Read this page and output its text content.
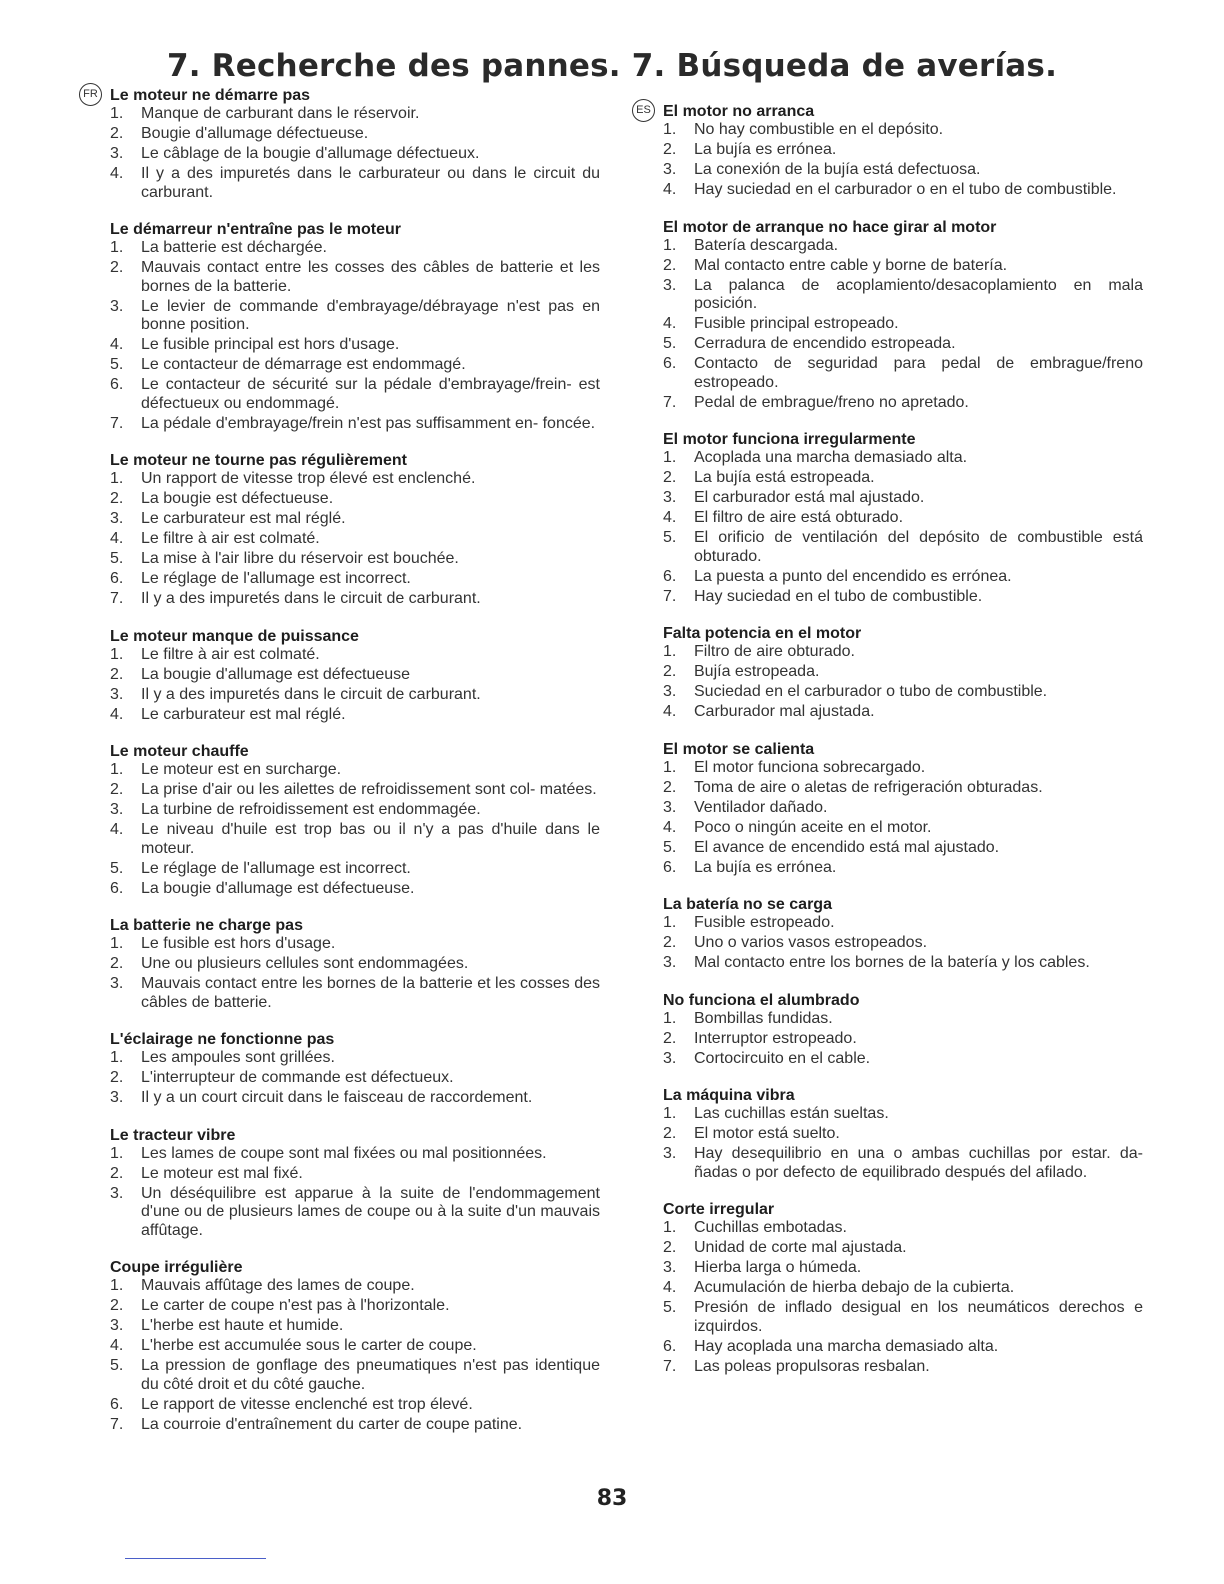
7. Recherche des pannes. 7. Búsqueda de averías.
FR Le moteur ne démarre pas
1. Manque de carburant dans le réservoir.
2. Bougie d'allumage défectueuse.
3. Le câblage de la bougie d'allumage défectueux.
4. Il y a des impuretés dans le carburateur ou dans le circuit du carburant.
Le démarreur n'entraîne pas le moteur
1. La batterie est déchargée.
2. Mauvais contact entre les cosses des câbles de batterie et les bornes de la batterie.
3. Le levier de commande d'embrayage/débrayage n'est pas en bonne position.
4. Le fusible principal est hors d'usage.
5. Le contacteur de démarrage est endommagé.
6. Le contacteur de sécurité sur la pédale d'embrayage/frein- est défectueux ou endommagé.
7. La pédale d'embrayage/frein n'est pas suffisamment en- foncée.
Le moteur ne tourne pas régulièrement
1. Un rapport de vitesse trop élevé est enclenché.
2. La bougie est défectueuse.
3. Le carburateur est mal réglé.
4. Le filtre à air est colmaté.
5. La mise à l'air libre du réservoir est bouchée.
6. Le réglage de l'allumage est incorrect.
7. Il y a des impuretés dans le circuit de carburant.
Le moteur manque de puissance
1. Le filtre à air est colmaté.
2. La bougie d'allumage est défectueuse
3. Il y a des impuretés dans le circuit de carburant.
4. Le carburateur est mal réglé.
Le moteur chauffe
1. Le moteur est en surcharge.
2. La prise d'air ou les ailettes de refroidissement sont col- matées.
3. La turbine de refroidissement est endommagée.
4. Le niveau d'huile est trop bas ou il n'y a pas d'huile dans le moteur.
5. Le réglage de l'allumage est incorrect.
6. La bougie d'allumage est défectueuse.
La batterie ne charge pas
1. Le fusible est hors d'usage.
2. Une ou plusieurs cellules sont endommagées.
3. Mauvais contact entre les bornes de la batterie et les cosses des câbles de batterie.
L'éclairage ne fonctionne pas
1. Les ampoules sont grillées.
2. L'interrupteur de commande est défectueux.
3. Il y a un court circuit dans le faisceau de raccordement.
Le tracteur vibre
1. Les lames de coupe sont mal fixées ou mal positionnées.
2. Le moteur est mal fixé.
3. Un déséquilibre est apparue à la suite de l'endommagement d'une ou de plusieurs lames de coupe ou à la suite d'un mauvais affûtage.
Coupe irrégulière
1. Mauvais affûtage des lames de coupe.
2. Le carter de coupe n'est pas à l'horizontale.
3. L'herbe est haute et humide.
4. L'herbe est accumulée sous le carter de coupe.
5. La pression de gonflage des pneumatiques n'est pas identique du côté droit et du côté gauche.
6. Le rapport de vitesse enclenché est trop élevé.
7. La courroie d'entraînement du carter de coupe patine.
ES El motor no arranca
1. No hay combustible en el depósito.
2. La bujía es errónea.
3. La conexión de la bujía está defectuosa.
4. Hay suciedad en el carburador o en el tubo de combustible.
El motor de arranque no hace girar al motor
1. Batería descargada.
2. Mal contacto entre cable y borne de batería.
3. La palanca de acoplamiento/desacoplamiento en mala posición.
4. Fusible principal estropeado.
5. Cerradura de encendido estropeada.
6. Contacto de seguridad para pedal de embrague/freno estropeado.
7. Pedal de embrague/freno no apretado.
El motor funciona irregularmente
1. Acoplada una marcha demasiado alta.
2. La bujía está estropeada.
3. El carburador está mal ajustado.
4. El filtro de aire está obturado.
5. El orificio de ventilación del depósito de combustible está obturado.
6. La puesta a punto del encendido es errónea.
7. Hay suciedad en el tubo de combustible.
Falta potencia en el motor
1. Filtro de aire obturado.
2. Bujía estropeada.
3. Suciedad en el carburador o tubo de combustible.
4. Carburador mal ajustada.
El motor se calienta
1. El motor funciona sobrecargado.
2. Toma de aire o aletas de refrigeración obturadas.
3. Ventilador dañado.
4. Poco o ningún aceite en el motor.
5. El avance de encendido está mal ajustado.
6. La bujía es errónea.
La batería no se carga
1. Fusible estropeado.
2. Uno o varios vasos estropeados.
3. Mal contacto entre los bornes de la batería y los cables.
No funciona el alumbrado
1. Bombillas fundidas.
2. Interruptor estropeado.
3. Cortocircuito en el cable.
La máquina vibra
1. Las cuchillas están sueltas.
2. El motor está suelto.
3. Hay desequilibrio en una o ambas cuchillas por estar. da- ñadas o por defecto de equilibrado después del afilado.
Corte irregular
1. Cuchillas embotadas.
2. Unidad de corte mal ajustada.
3. Hierba larga o húmeda.
4. Acumulación de hierba debajo de la cubierta.
5. Presión de inflado desigual en los neumáticos derechos e izquirdos.
6. Hay acoplada una marcha demasiado alta.
7. Las poleas propulsoras resbalan.
83
